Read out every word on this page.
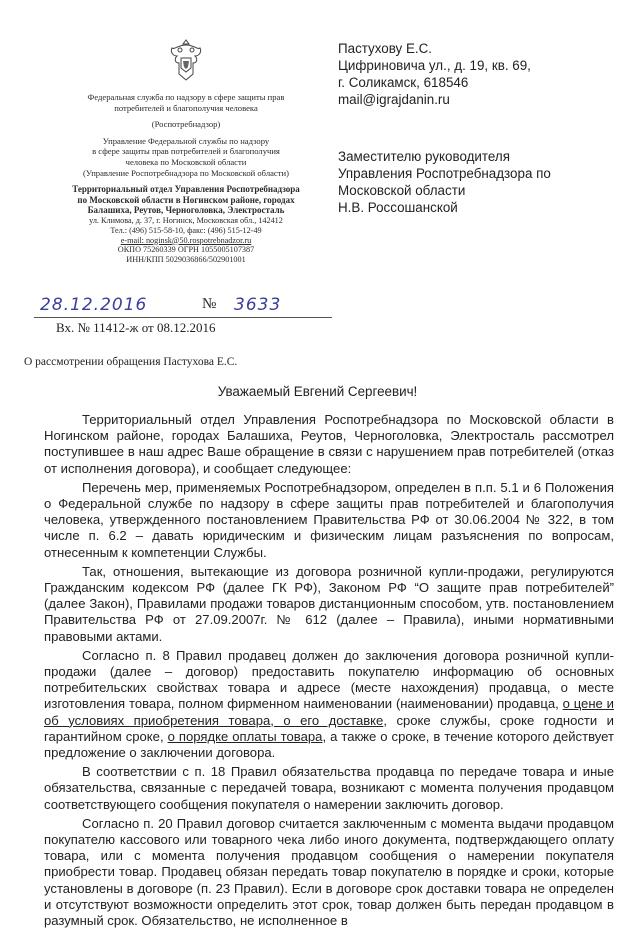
Федеральная служба по надзору в сфере защиты прав
потребителей и благополучия человека
(Роспотребнадзор)
Управление Федеральной службы по надзору
в сфере защиты прав потребителей и благополучия
человека по Московской области
(Управление Роспотребнадзора по Московской области)
Территориальный отдел Управления Роспотребнадзора
по Московской области в Ногинском районе, городах
Балашиха, Реутов, Черноголовка, Электросталь
ул. Климова, д. 37, г. Ногинск, Московская обл., 142412
Тел.: (496) 515-58-10, факс: (496) 515-12-49
e-mail: noginsk@50.rospotrebnadzor.ru
ОКПО 75260339 ОГРН 1055005107387
ИНН/КПП 5029036866/502901001
Пастухову Е.С.
Цифриновича ул., д. 19, кв. 69,
г. Соликамск, 618546
mail@igrajdanin.ru
Заместителю руководителя
Управления Роспотребнадзора по
Московской области
Н.В. Россошанской
28.12.2016	№ 3633
Вх. № 11412-ж от 08.12.2016
О рассмотрении обращения Пастухова Е.С.
Уважаемый Евгений Сергеевич!

Территориальный отдел Управления Роспотребнадзора по Московской области в Ногинском районе, городах Балашиха, Реутов, Черноголовка, Электросталь рассмотрел поступившее в наш адрес Ваше обращение в связи с нарушением прав потребителей (отказ от исполнения договора), и сообщает следующее:

Перечень мер, применяемых Роспотребнадзором, определен в п.п. 5.1 и 6 Положения о Федеральной службе по надзору в сфере защиты прав потребителей и благополучия человека, утвержденного постановлением Правительства РФ от 30.06.2004 № 322, в том числе п. 6.2 – давать юридическим и физическим лицам разъяснения по вопросам, отнесенным к компетенции Службы.

Так, отношения, вытекающие из договора розничной купли-продажи, регулируются Гражданским кодексом РФ (далее ГК РФ), Законом РФ “О защите прав потребителей” (далее Закон), Правилами продажи товаров дистанционным способом, утв. постановлением Правительства РФ от 27.09.2007г. № 612 (далее – Правила), иными нормативными правовыми актами.

Согласно п. 8 Правил продавец должен до заключения договора розничной купли-продажи (далее – договор) предоставить покупателю информацию об основных потребительских свойствах товара и адресе (месте нахождения) продавца, о месте изготовления товара, полном фирменном наименовании (наименовании) продавца, о цене и об условиях приобретения товара, о его доставке, сроке службы, сроке годности и гарантийном сроке, о порядке оплаты товара, а также о сроке, в течение которого действует предложение о заключении договора.

В соответствии с п. 18 Правил обязательства продавца по передаче товара и иные обязательства, связанные с передачей товара, возникают с момента получения продавцом соответствующего сообщения покупателя о намерении заключить договор.

Согласно п. 20 Правил договор считается заключенным с момента выдачи продавцом покупателю кассового или товарного чека либо иного документа, подтверждающего оплату товара, или с момента получения продавцом сообщения о намерении покупателя приобрести товар. Продавец обязан передать товар покупателю в порядке и сроки, которые установлены в договоре (п. 23 Правил). Если в договоре срок доставки товара не определен и отсутствуют возможности определить этот срок, товар должен быть передан продавцом в разумный срок. Обязательство, не исполненное в
